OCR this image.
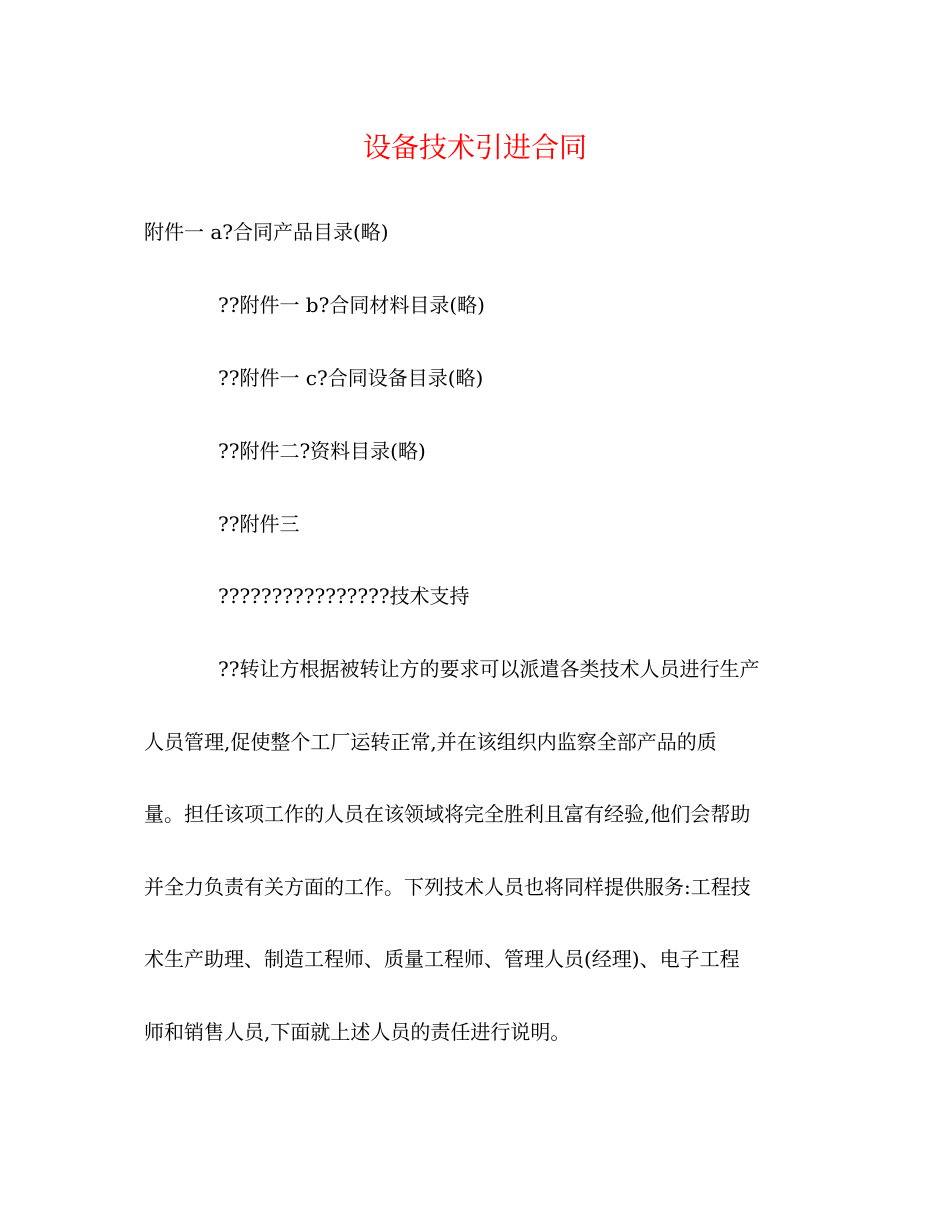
设备技术引进合同

附件一 a?合同产品目录(略)

??附件一 b?合同材料目录(略)

??附件一 c?合同设备目录(略)

??附件二?资料目录(略)

??附件三

????????????????技术支持

??转让方根据被转让方的要求可以派遣各类技术人员进行生产

人员管理,促使整个工厂运转正常,并在该组织内监察全部产品的质

量。担任该项工作的人员在该领域将完全胜利且富有经验,他们会帮助

并全力负责有关方面的工作。下列技术人员也将同样提供服务:工程技

术生产助理、制造工程师、质量工程师、管理人员(经理)、电子工程

师和销售人员,下面就上述人员的责任进行说明。
